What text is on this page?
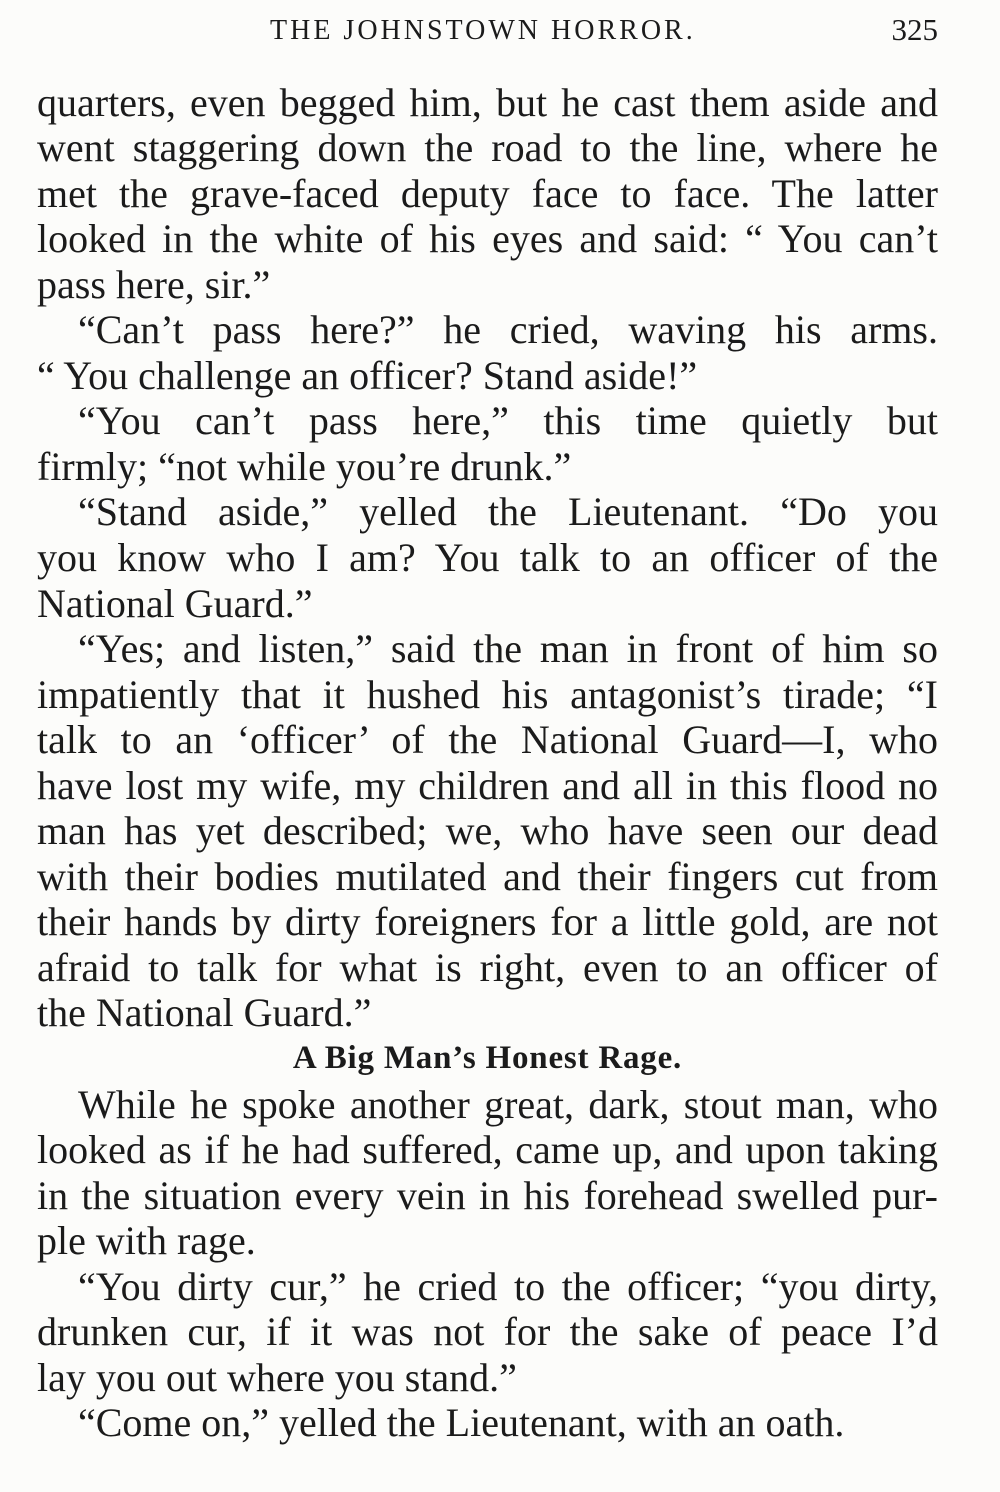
THE JOHNSTOWN HORROR.	325
quarters, even begged him, but he cast them aside and
went staggering down the road to the line, where he
met the grave-faced deputy face to face. The latter
looked in the white of his eyes and said: “ You can’t
pass here, sir.”
“Can’t pass here?” he cried, waving his arms.
“ You challenge an officer? Stand aside!”
“You can’t pass here,” this time quietly but
firmly; “not while you’re drunk.”
“Stand aside,” yelled the Lieutenant. “Do you
you know who I am? You talk to an officer of the
National Guard.”
“Yes; and listen,” said the man in front of him so
impatiently that it hushed his antagonist’s tirade; “I
talk to an ‘officer’ of the National Guard—I, who
have lost my wife, my children and all in this flood no
man has yet described; we, who have seen our dead
with their bodies mutilated and their fingers cut from
their hands by dirty foreigners for a little gold, are not
afraid to talk for what is right, even to an officer of
the National Guard.”
A Big Man’s Honest Rage.
While he spoke another great, dark, stout man, who
looked as if he had suffered, came up, and upon taking
in the situation every vein in his forehead swelled pur-
ple with rage.
“You dirty cur,” he cried to the officer; “you dirty,
drunken cur, if it was not for the sake of peace I’d
lay you out where you stand.”
“Come on,” yelled the Lieutenant, with an oath.
